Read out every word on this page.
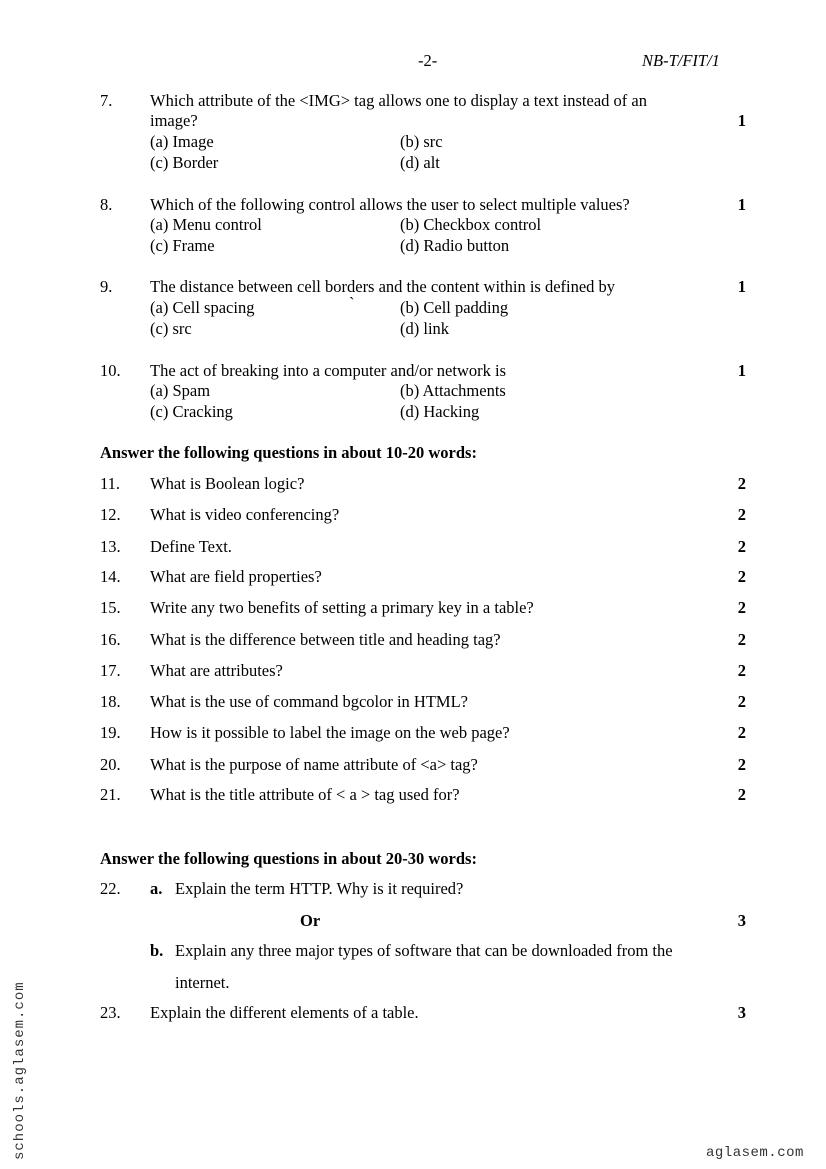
-2-	NB-T/FIT/1
7. Which attribute of the <IMG> tag allows one to display a text instead of an
image?	1
(a) Image	(b) src
(c) Border	(d) alt
8. Which of the following control allows the user to select multiple values?	1
(a) Menu control	(b) Checkbox control
(c) Frame	(d) Radio button
9. The distance between cell borders and the content within is defined by	1
(a) Cell spacing	`	(b) Cell padding
(c) src	(d) link
10. The act of breaking into a computer and/or network is	1
(a) Spam	(b) Attachments
(c) Cracking	(d) Hacking
Answer the following questions in about 10-20 words:
11. What is Boolean logic?	2
12. What is video conferencing?	2
13. Define Text.	2
14. What are field properties?	2
15. Write any two benefits of setting a primary key in a table?	2
16. What is the difference between title and heading tag?	2
17. What are attributes?	2
18. What is the use of command bgcolor in HTML?	2
19. How is it possible to label the image on the web page?	2
20. What is the purpose of name attribute of <a> tag?	2
21. What is the title attribute of < a > tag used for?	2
Answer the following questions in about 20-30 words:
22. a. Explain the term HTTP. Why is it required?
Or	3
b. Explain any three major types of software that can be downloaded from the
internet.
23. Explain the different elements of a table.	3
schools.aglasem.com	aglasem.com
